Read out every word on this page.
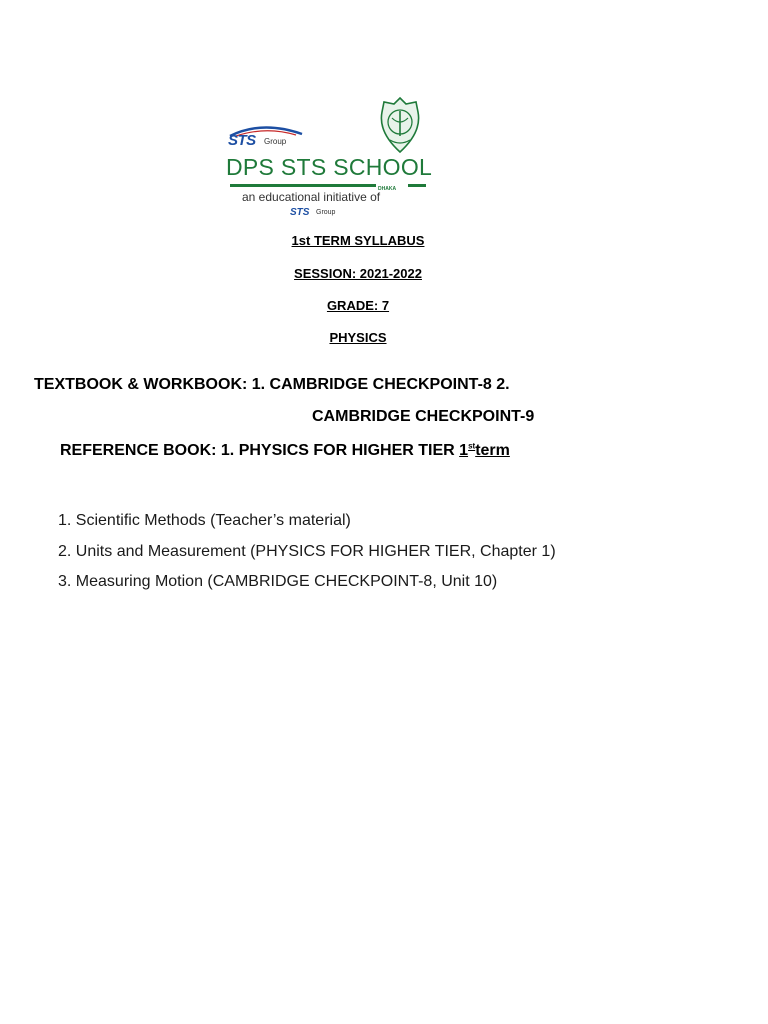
STS Group
DPS STS SCHOOL
DHAKA
an educational initiative of
STS Group
1st TERM SYLLABUS
SESSION: 2021-2022
GRADE: 7
PHYSICS
TEXTBOOK & WORKBOOK: 1. CAMBRIDGE CHECKPOINT-8 2.
CAMBRIDGE CHECKPOINT-9
REFERENCE BOOK: 1. PHYSICS FOR HIGHER TIER 1stterm
1. Scientific Methods (Teacher’s material)
2. Units and Measurement (PHYSICS FOR HIGHER TIER, Chapter 1)
3. Measuring Motion (CAMBRIDGE CHECKPOINT-8, Unit 10)
